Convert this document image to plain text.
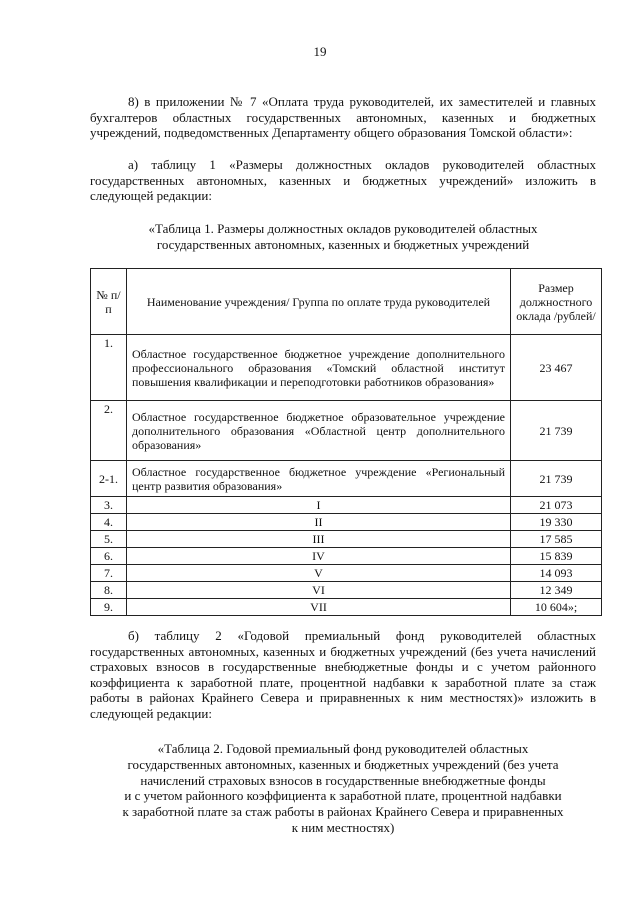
19
8) в приложении № 7 «Оплата труда руководителей, их заместителей и главных бухгалтеров областных государственных автономных, казенных и бюджетных учреждений, подведомственных Департаменту общего образования Томской области»:
а) таблицу 1 «Размеры должностных окладов руководителей областных государственных автономных, казенных и бюджетных учреждений» изложить в следующей редакции:
«Таблица 1. Размеры должностных окладов руководителей областных
государственных автономных, казенных и бюджетных учреждений
№ п/п	Наименование учреждения/ Группа по оплате труда руководителей	Размер должностного оклада /рублей/
1.	Областное государственное бюджетное учреждение дополнительного профессионального образования «Томский областной институт повышения квалификации и переподготовки работников образования»	23 467
2.	Областное государственное бюджетное образовательное учреждение дополнительного образования «Областной центр дополнительного образования»	21 739
2-1.	Областное государственное бюджетное учреждение «Региональный центр развития образования»	21 739
3.	I	21 073
4.	II	19 330
5.	III	17 585
6.	IV	15 839
7.	V	14 093
8.	VI	12 349
9.	VII	10 604»;
б) таблицу 2 «Годовой премиальный фонд руководителей областных государственных автономных, казенных и бюджетных учреждений (без учета начислений страховых взносов в государственные внебюджетные фонды и с учетом районного коэффициента к заработной плате, процентной надбавки к заработной плате за стаж работы в районах Крайнего Севера и приравненных к ним местностях)» изложить в следующей редакции:
«Таблица 2. Годовой премиальный фонд руководителей областных
государственных автономных, казенных и бюджетных учреждений (без учета
начислений страховых взносов в государственные внебюджетные фонды
и с учетом районного коэффициента к заработной плате, процентной надбавки
к заработной плате за стаж работы в районах Крайнего Севера и приравненных
к ним местностях)
